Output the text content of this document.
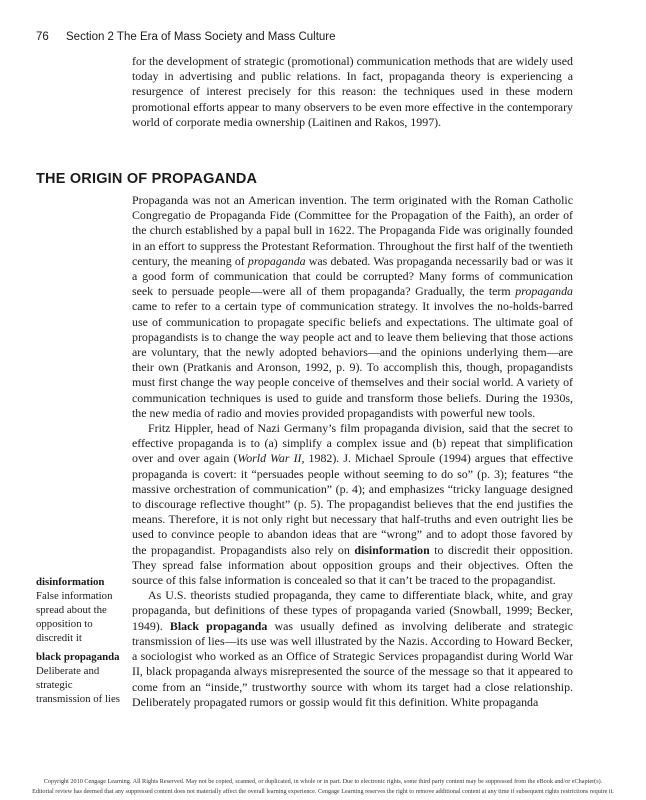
76 Section 2 The Era of Mass Society and Mass Culture

for the development of strategic (promotional) communication methods that are widely used today in advertising and public relations. In fact, propaganda theory is experiencing a resurgence of interest precisely for this reason: the techniques used in these modern promotional efforts appear to many observers to be even more effective in the contemporary world of corporate media ownership (Laitinen and Rakos, 1997).

THE ORIGIN OF PROPAGANDA

Propaganda was not an American invention. The term originated with the Roman Catholic Congregatio de Propaganda Fide (Committee for the Propagation of the Faith), an order of the church established by a papal bull in 1622. The Propaganda Fide was originally founded in an effort to suppress the Protestant Reformation. Throughout the first half of the twentieth century, the meaning of propaganda was debated. Was propaganda necessarily bad or was it a good form of communication that could be corrupted? Many forms of communication seek to persuade people—were all of them propaganda? Gradually, the term propaganda came to refer to a certain type of communication strategy. It involves the no-holds-barred use of communication to propagate specific beliefs and expectations. The ultimate goal of propagandists is to change the way people act and to leave them believing that those actions are voluntary, that the newly adopted behaviors—and the opinions underlying them—are their own (Pratkanis and Aronson, 1992, p. 9). To accomplish this, though, propagandists must first change the way people conceive of themselves and their social world. A variety of communication techniques is used to guide and transform those beliefs. During the 1930s, the new media of radio and movies provided propagandists with powerful new tools.

Fritz Hippler, head of Nazi Germany’s film propaganda division, said that the secret to effective propaganda is to (a) simplify a complex issue and (b) repeat that simplification over and over again (World War II, 1982). J. Michael Sproule (1994) argues that effective propaganda is covert: it “persuades people without seeming to do so” (p. 3); features “the massive orchestration of communication” (p. 4); and emphasizes “tricky language designed to discourage reflective thought” (p. 5). The propagandist believes that the end justifies the means. Therefore, it is not only right but necessary that half-truths and even outright lies be used to convince people to abandon ideas that are “wrong” and to adopt those favored by the propagandist. Propagandists also rely on disinformation to discredit their opposition. They spread false information about opposition groups and their objectives. Often the source of this false information is concealed so that it can’t be traced to the propagandist.

As U.S. theorists studied propaganda, they came to differentiate black, white, and gray propaganda, but definitions of these types of propaganda varied (Snowball, 1999; Becker, 1949). Black propaganda was usually defined as involving deliberate and strategic transmission of lies—its use was well illustrated by the Nazis. According to Howard Becker, a sociologist who worked as an Office of Strategic Services propagandist during World War II, black propaganda always misrepresented the source of the message so that it appeared to come from an “inside,” trustworthy source with whom its target had a close relationship. Deliberately propagated rumors or gossip would fit this definition. White propaganda

disinformation
False information spread about the opposition to discredit it
black propaganda
Deliberate and strategic transmission of lies
Copyright 2010 Cengage Learning. All Rights Reserved. May not be copied, scanned, or duplicated, in whole or in part. Due to electronic rights, some third party content may be suppressed from the eBook and/or eChapter(s).
Editorial review has deemed that any suppressed content does not materially affect the overall learning experience. Cengage Learning reserves the right to remove additional content at any time if subsequent rights restrictions require it.
